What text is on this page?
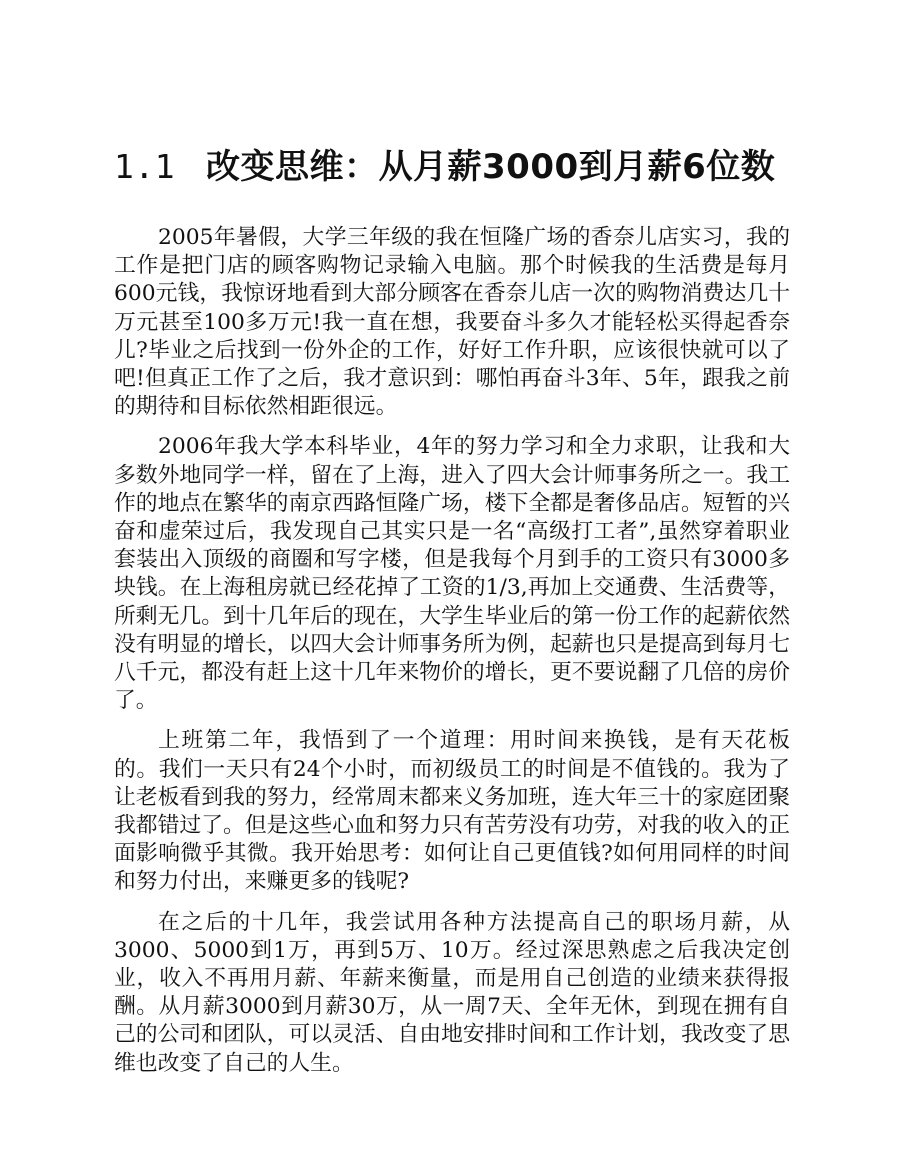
1.1 改变思维：从月薪3000到月薪6位数

2005年暑假，大学三年级的我在恒隆广场的香奈儿店实习，我的工作是把门店的顾客购物记录输入电脑。那个时候我的生活费是每月600元钱，我惊讶地看到大部分顾客在香奈儿店一次的购物消费达几十万元甚至100多万元!我一直在想，我要奋斗多久才能轻松买得起香奈儿?毕业之后找到一份外企的工作，好好工作升职，应该很快就可以了吧!但真正工作了之后，我才意识到：哪怕再奋斗3年、5年，跟我之前的期待和目标依然相距很远。

2006年我大学本科毕业，4年的努力学习和全力求职，让我和大多数外地同学一样，留在了上海，进入了四大会计师事务所之一。我工作的地点在繁华的南京西路恒隆广场，楼下全都是奢侈品店。短暂的兴奋和虚荣过后，我发现自己其实只是一名“高级打工者”,虽然穿着职业套装出入顶级的商圈和写字楼，但是我每个月到手的工资只有3000多块钱。在上海租房就已经花掉了工资的1/3,再加上交通费、生活费等，所剩无几。到十几年后的现在，大学生毕业后的第一份工作的起薪依然没有明显的增长，以四大会计师事务所为例，起薪也只是提高到每月七八千元，都没有赶上这十几年来物价的增长，更不要说翻了几倍的房价了。

上班第二年，我悟到了一个道理：用时间来换钱，是有天花板的。我们一天只有24个小时，而初级员工的时间是不值钱的。我为了让老板看到我的努力，经常周末都来义务加班，连大年三十的家庭团聚我都错过了。但是这些心血和努力只有苦劳没有功劳，对我的收入的正面影响微乎其微。我开始思考：如何让自己更值钱?如何用同样的时间和努力付出，来赚更多的钱呢?

在之后的十几年，我尝试用各种方法提高自己的职场月薪，从3000、5000到1万，再到5万、10万。经过深思熟虑之后我决定创业，收入不再用月薪、年薪来衡量，而是用自己创造的业绩来获得报酬。从月薪3000到月薪30万，从一周7天、全年无休，到现在拥有自己的公司和团队，可以灵活、自由地安排时间和工作计划，我改变了思维也改变了自己的人生。
